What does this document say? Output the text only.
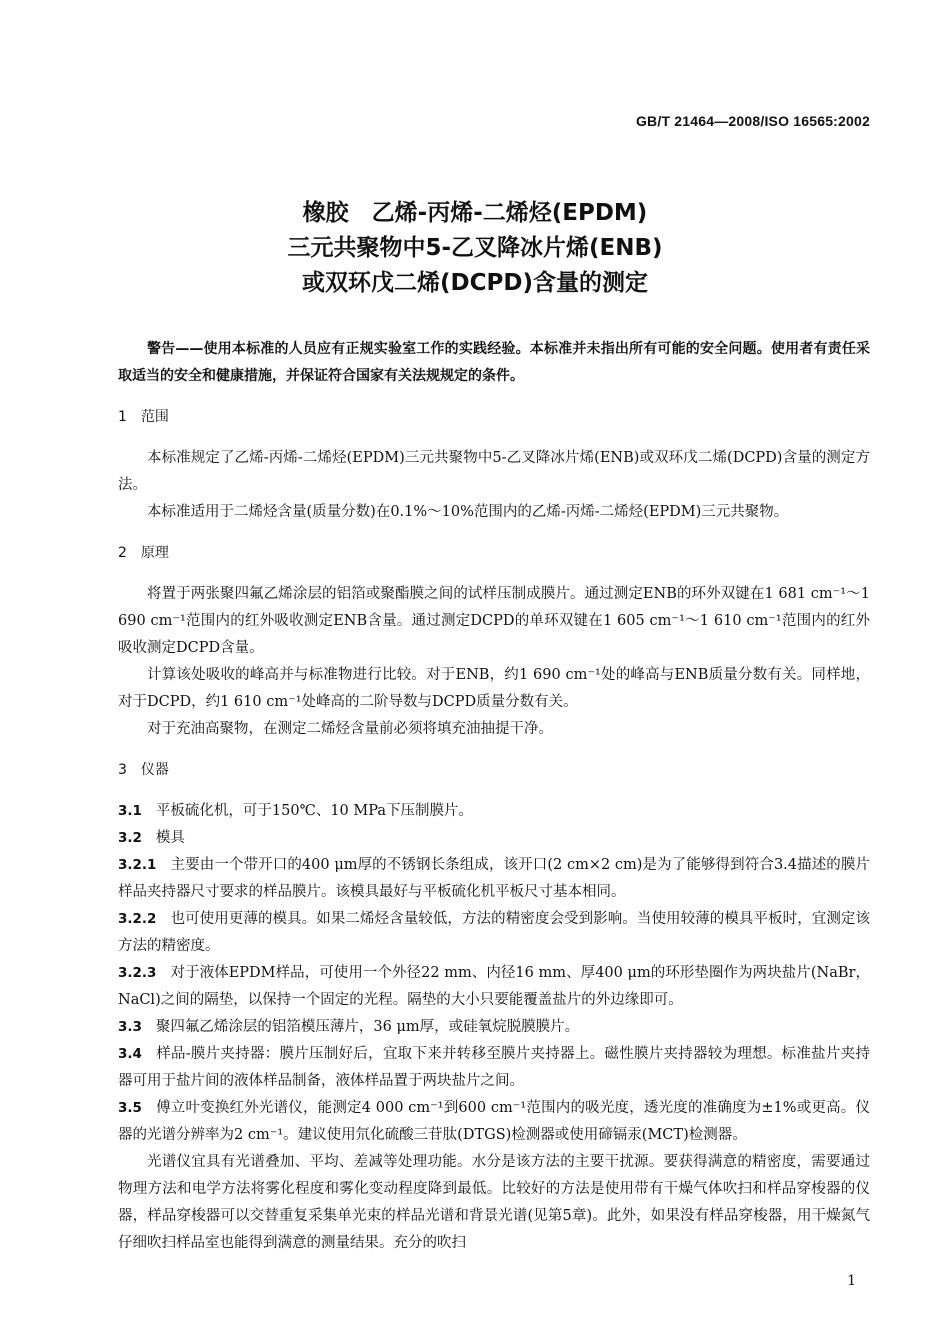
GB/T 21464—2008/ISO 16565:2002
橡胶　乙烯-丙烯-二烯烃(EPDM)
三元共聚物中5-乙叉降冰片烯(ENB)
或双环戊二烯(DCPD)含量的测定

警告——使用本标准的人员应有正规实验室工作的实践经验。本标准并未指出所有可能的安全问题。使用者有责任采取适当的安全和健康措施，并保证符合国家有关法规规定的条件。

1　范围

本标准规定了乙烯-丙烯-二烯烃(EPDM)三元共聚物中5-乙叉降冰片烯(ENB)或双环戊二烯(DCPD)含量的测定方法。

本标准适用于二烯烃含量(质量分数)在0.1%～10%范围内的乙烯-丙烯-二烯烃(EPDM)三元共聚物。

2　原理

将置于两张聚四氟乙烯涂层的铝箔或聚酯膜之间的试样压制成膜片。通过测定ENB的环外双键在1 681 cm⁻¹～1 690 cm⁻¹范围内的红外吸收测定ENB含量。通过测定DCPD的单环双键在1 605 cm⁻¹～1 610 cm⁻¹范围内的红外吸收测定DCPD含量。

计算该处吸收的峰高并与标准物进行比较。对于ENB，约1 690 cm⁻¹处的峰高与ENB质量分数有关。同样地，对于DCPD，约1 610 cm⁻¹处峰高的二阶导数与DCPD质量分数有关。

对于充油高聚物，在测定二烯烃含量前必须将填充油抽提干净。

3　仪器

3.1 平板硫化机，可于150℃、10 MPa下压制膜片。

3.2 模具

3.2.1 主要由一个带开口的400 μm厚的不锈钢长条组成，该开口(2 cm×2 cm)是为了能够得到符合3.4描述的膜片样品夹持器尺寸要求的样品膜片。该模具最好与平板硫化机平板尺寸基本相同。

3.2.2 也可使用更薄的模具。如果二烯烃含量较低，方法的精密度会受到影响。当使用较薄的模具平板时，宜测定该方法的精密度。

3.2.3 对于液体EPDM样品，可使用一个外径22 mm、内径16 mm、厚400 μm的环形垫圈作为两块盐片(NaBr，NaCl)之间的隔垫，以保持一个固定的光程。隔垫的大小只要能覆盖盐片的外边缘即可。

3.3 聚四氟乙烯涂层的铝箔模压薄片，36 μm厚，或硅氧烷脱膜膜片。

3.4 样品-膜片夹持器：膜片压制好后，宜取下来并转移至膜片夹持器上。磁性膜片夹持器较为理想。标准盐片夹持器可用于盐片间的液体样品制备，液体样品置于两块盐片之间。

3.5 傅立叶变换红外光谱仪，能测定4 000 cm⁻¹到600 cm⁻¹范围内的吸光度，透光度的准确度为±1%或更高。仪器的光谱分辨率为2 cm⁻¹。建议使用氘化硫酸三苷肽(DTGS)检测器或使用碲镉汞(MCT)检测器。

光谱仪宜具有光谱叠加、平均、差减等处理功能。水分是该方法的主要干扰源。要获得满意的精密度，需要通过物理方法和电学方法将雾化程度和雾化变动程度降到最低。比较好的方法是使用带有干燥气体吹扫和样品穿梭器的仪器，样品穿梭器可以交替重复采集单光束的样品光谱和背景光谱(见第5章)。此外，如果没有样品穿梭器，用干燥氮气仔细吹扫样品室也能得到满意的测量结果。充分的吹扫

1
